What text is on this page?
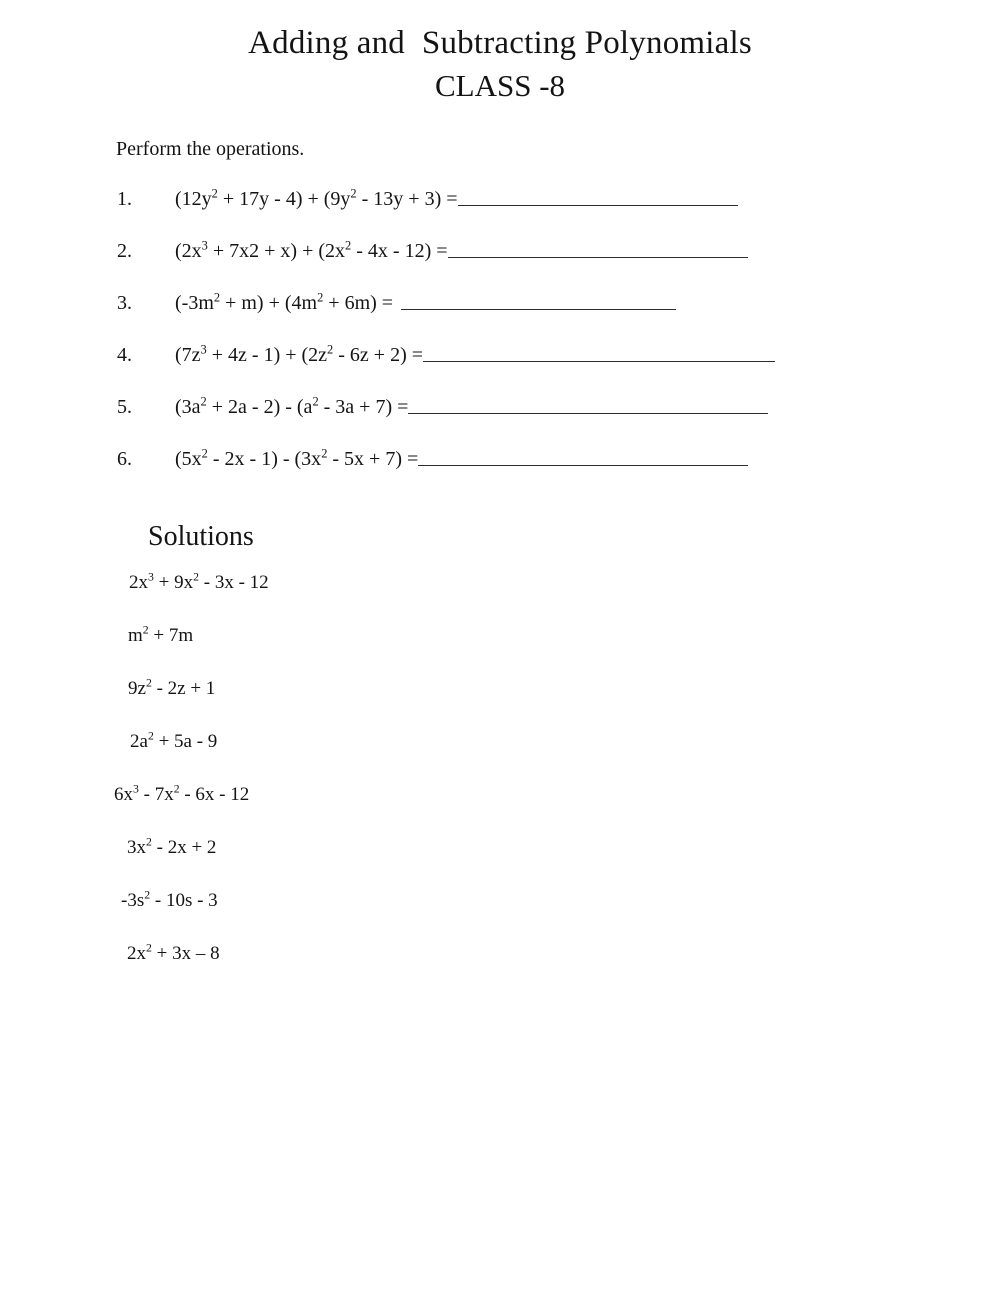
Adding and  Subtracting Polynomials
CLASS -8
Perform the operations.
1. $(12y^2 + 17y - 4) + (9y^2 - 13y + 3)$ =
2. $(2x^3 + 7x2 + x) + (2x^2 - 4x - 12)$ =
3. $(-3m^2 + m) + (4m^2 + 6m)$ =
4. $(7z^3 + 4z - 1) + (2z^2 - 6z + 2)$ =
5. $(3a^2 + 2a - 2) - (a^2 - 3a + 7)$ =
6. $(5x^2 - 2x - 1) - (3x^2 - 5x + 7)$ =
Solutions
$2x^3 + 9x^2 - 3x - 12$
$m^2 + 7m$
$9z^2 - 2z + 1$
$2a^2 + 5a - 9$
$6x^3 - 7x^2 - 6x - 12$
$3x^2 - 2x + 2$
$-3s^2 - 10s - 3$
$2x^2 + 3x - 8$
